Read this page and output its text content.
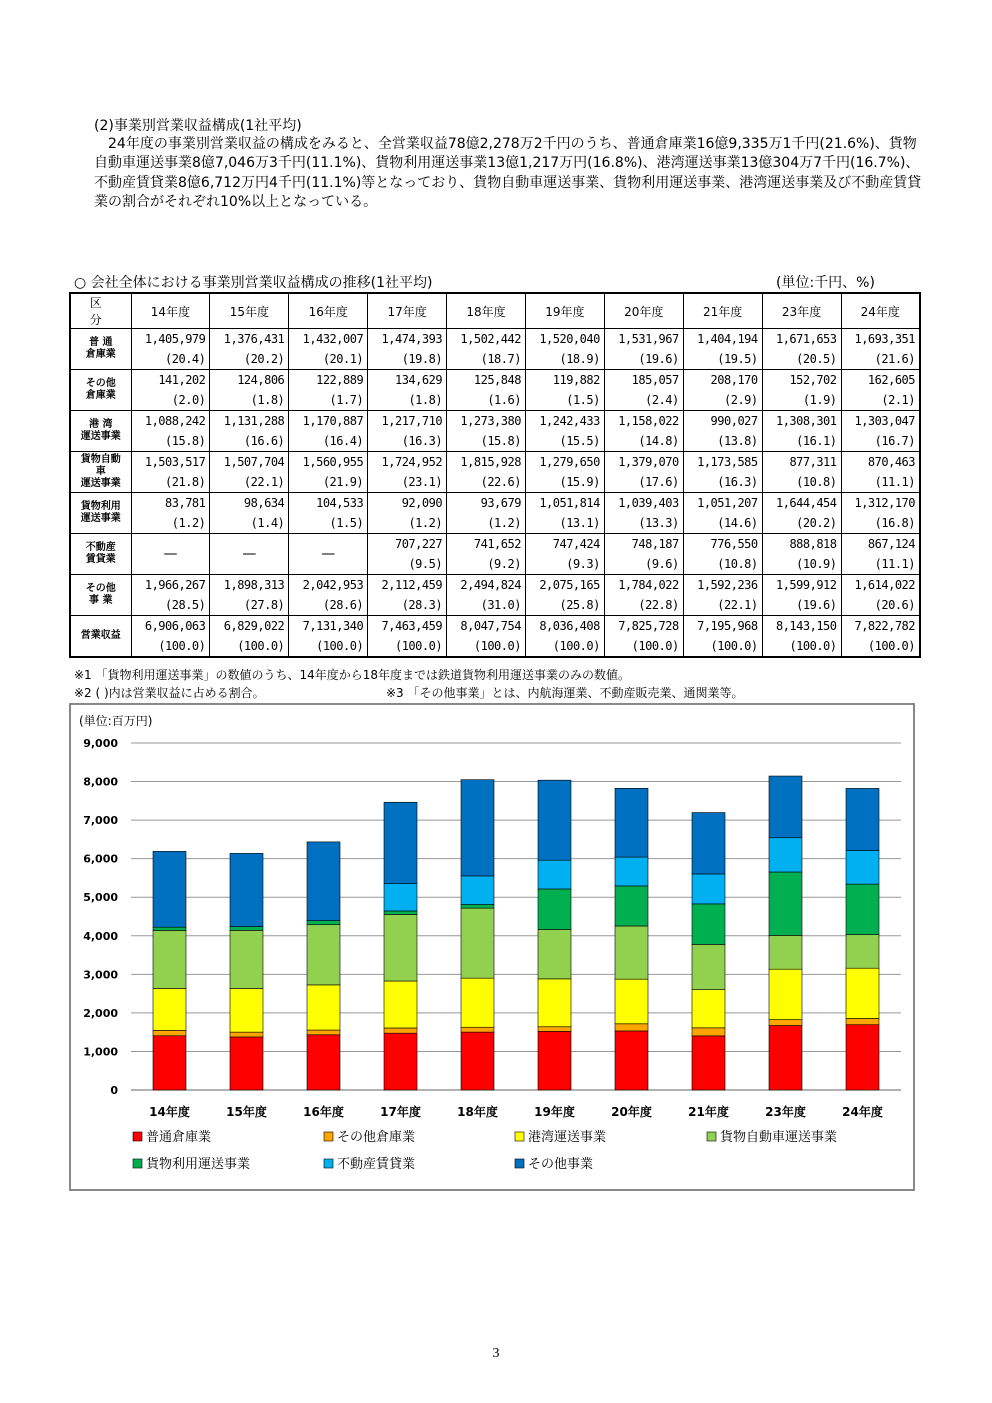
(2)事業別営業収益構成(1社平均)

24年度の事業別営業収益の構成をみると、全営業収益78億2,278万2千円のうち、普通倉庫業16億9,335万1千円(21.6%)、貨物自動車運送事業8億7,046万3千円(11.1%)、貨物利用運送事業13億1,217万円(16.8%)、港湾運送事業13億304万7千円(16.7%)、不動産賃貸業8億6,712万円4千円(11.1%)等となっており、貨物自動車運送事業、貨物利用運送事業、港湾運送事業及び不動産賃貸業の割合がそれぞれ10%以上となっている。

○ 会社全体における事業別営業収益構成の推移(1社平均)	(単位:千円、%)
区 分	14年度	15年度	16年度	17年度	18年度	19年度	20年度	21年度	23年度	24年度
普 通
倉庫業	1,405,979	1,376,431	1,432,007	1,474,393	1,502,442	1,520,040	1,531,967	1,404,194	1,671,653	1,693,351
	(20.4)	(20.2)	(20.1)	(19.8)	(18.7)	(18.9)	(19.6)	(19.5)	(20.5)	(21.6)
その他
倉庫業	141,202	124,806	122,889	134,629	125,848	119,882	185,057	208,170	152,702	162,605
	(2.0)	(1.8)	(1.7)	(1.8)	(1.6)	(1.5)	(2.4)	(2.9)	(1.9)	(2.1)
港 湾
運送事業	1,088,242	1,131,288	1,170,887	1,217,710	1,273,380	1,242,433	1,158,022	990,027	1,308,301	1,303,047
	(15.8)	(16.6)	(16.4)	(16.3)	(15.8)	(15.5)	(14.8)	(13.8)	(16.1)	(16.7)
貨物自動
車
運送事業	1,503,517	1,507,704	1,560,955	1,724,952	1,815,928	1,279,650	1,379,070	1,173,585	877,311	870,463
	(21.8)	(22.1)	(21.9)	(23.1)	(22.6)	(15.9)	(17.6)	(16.3)	(10.8)	(11.1)
貨物利用
運送事業	83,781	98,634	104,533	92,090	93,679	1,051,814	1,039,403	1,051,207	1,644,454	1,312,170
	(1.2)	(1.4)	(1.5)	(1.2)	(1.2)	(13.1)	(13.3)	(14.6)	(20.2)	(16.8)
不動産
賃貸業	—	—	—	707,227	741,652	747,424	748,187	776,550	888,818	867,124
				(9.5)	(9.2)	(9.3)	(9.6)	(10.8)	(10.9)	(11.1)
その他
事 業	1,966,267	1,898,313	2,042,953	2,112,459	2,494,824	2,075,165	1,784,022	1,592,236	1,599,912	1,614,022
	(28.5)	(27.8)	(28.6)	(28.3)	(31.0)	(25.8)	(22.8)	(22.1)	(19.6)	(20.6)
営業収益	6,906,063	6,829,022	7,131,340	7,463,459	8,047,754	8,036,408	7,825,728	7,195,968	8,143,150	7,822,782
	(100.0)	(100.0)	(100.0)	(100.0)	(100.0)	(100.0)	(100.0)	(100.0)	(100.0)	(100.0)
※1 「貨物利用運送事業」の数値のうち、14年度から18年度までは鉄道貨物利用運送事業のみの数値。
※2 ( )内は営業収益に占める割合。	※3 「その他事業」とは、内航海運業、不動産販売業、通関業等。
(単位:百万円)
0
1,000
2,000
3,000
4,000
5,000
6,000
7,000
8,000
9,000
14年度	15年度	16年度	17年度	18年度	19年度	20年度	21年度	23年度	24年度
普通倉庫業	その他倉庫業	港湾運送事業	貨物自動車運送事業
貨物利用運送事業	不動産賃貸業	その他事業
3
